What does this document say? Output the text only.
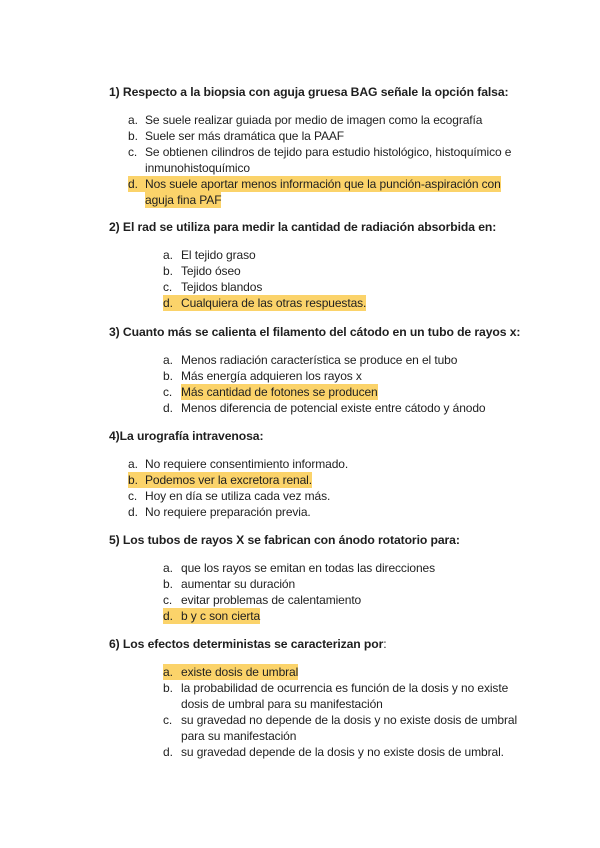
1) Respecto a la biopsia con aguja gruesa BAG señale la opción falsa:

a. Se suele realizar guiada por medio de imagen como la ecografía
b. Suele ser más dramática que la PAAF
c. Se obtienen cilindros de tejido para estudio histológico, histoquímico e
inmunohistoquímico
d. Nos suele aportar menos información que la punción-aspiración con
aguja fina PAF

2) El rad se utiliza para medir la cantidad de radiación absorbida en:

a. El tejido graso
b. Tejido óseo
c. Tejidos blandos
d. Cualquiera de las otras respuestas.

3) Cuanto más se calienta el filamento del cátodo en un tubo de rayos x:

a. Menos radiación característica se produce en el tubo
b. Más energía adquieren los rayos x
c. Más cantidad de fotones se producen
d. Menos diferencia de potencial existe entre cátodo y ánodo

4)La urografía intravenosa:

a. No requiere consentimiento informado.
b. Podemos ver la excretora renal.
c. Hoy en día se utiliza cada vez más.
d. No requiere preparación previa.

5) Los tubos de rayos X se fabrican con ánodo rotatorio para:

a. que los rayos se emitan en todas las direcciones
b. aumentar su duración
c. evitar problemas de calentamiento
d. b y c son cierta

6) Los efectos deterministas se caracterizan por:

a. existe dosis de umbral
b. la probabilidad de ocurrencia es función de la dosis y no existe
dosis de umbral para su manifestación
c. su gravedad no depende de la dosis y no existe dosis de umbral
para su manifestación
d. su gravedad depende de la dosis y no existe dosis de umbral.
